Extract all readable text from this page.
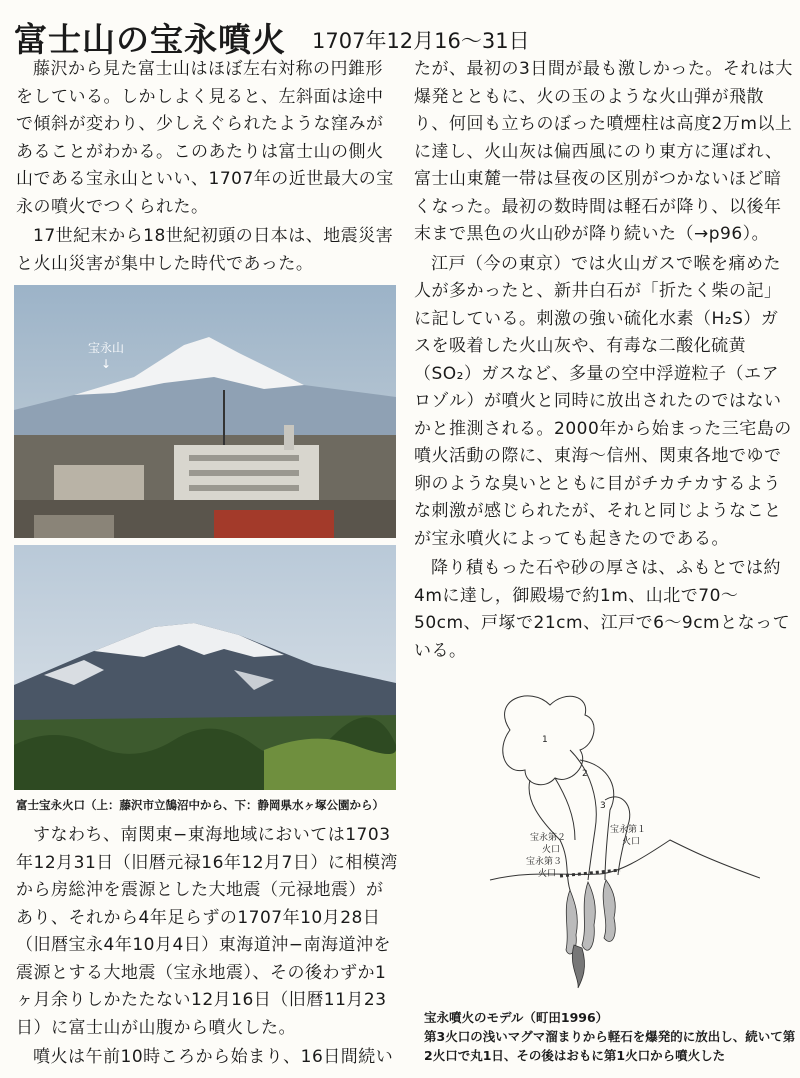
富士山の宝永噴火 1707年12月16〜31日

藤沢から見た富士山はほぼ左右対称の円錐形をしている。しかしよく見ると、左斜面は途中で傾斜が変わり、少しえぐられたような窪みがあることがわかる。このあたりは富士山の側火山である宝永山といい、1707年の近世最大の宝永の噴火でつくられた。

17世紀末から18世紀初頭の日本は、地震災害と火山災害が集中した時代であった。

宝永山
↓
富士宝永火口（上：藤沢市立鵠沼中から、下：静岡県水ヶ塚公園から）

すなわち、南関東−東海地域においては1703年12月31日（旧暦元禄16年12月7日）に相模湾から房総沖を震源とした大地震（元禄地震）があり、それから4年足らずの1707年10月28日（旧暦宝永4年10月4日）東海道沖−南海道沖を震源とする大地震（宝永地震）、その後わずか1ヶ月余りしかたたない12月16日（旧暦11月23日）に富士山が山腹から噴火した。

噴火は午前10時ころから始まり、16日間続い

たが、最初の3日間が最も激しかった。それは大爆発とともに、火の玉のような火山弾が飛散り、何回も立ちのぼった噴煙柱は高度2万m以上に達し、火山灰は偏西風にのり東方に運ばれ、富士山東麓一帯は昼夜の区別がつかないほど暗くなった。最初の数時間は軽石が降り、以後年末まで黒色の火山砂が降り続いた（→p96）。

江戸（今の東京）では火山ガスで喉を痛めた人が多かったと、新井白石が「折たく柴の記」に記している。刺激の強い硫化水素（H₂S）ガスを吸着した火山灰や、有毒な二酸化硫黄（SO₂）ガスなど、多量の空中浮遊粒子（エアロゾル）が噴火と同時に放出されたのではないかと推測される。2000年から始まった三宅島の噴火活動の際に、東海〜信州、関東各地でゆで卵のような臭いとともに目がチカチカするような刺激が感じられたが、それと同じようなことが宝永噴火によっても起きたのである。

降り積もった石や砂の厚さは、ふもとでは約4mに達し，御殿場で約1m、山北で70〜50cm、戸塚で21cm、江戸で6〜9cmとなっている。

1
2
3
宝永第２
火口
宝永第１
火口
宝永第３
火口
宝永噴火のモデル（町田1996）
第3火口の浅いマグマ溜まりから軽石を爆発的に放出し、続いて第2火口で丸1日、その後はおもに第1火口から噴火した
